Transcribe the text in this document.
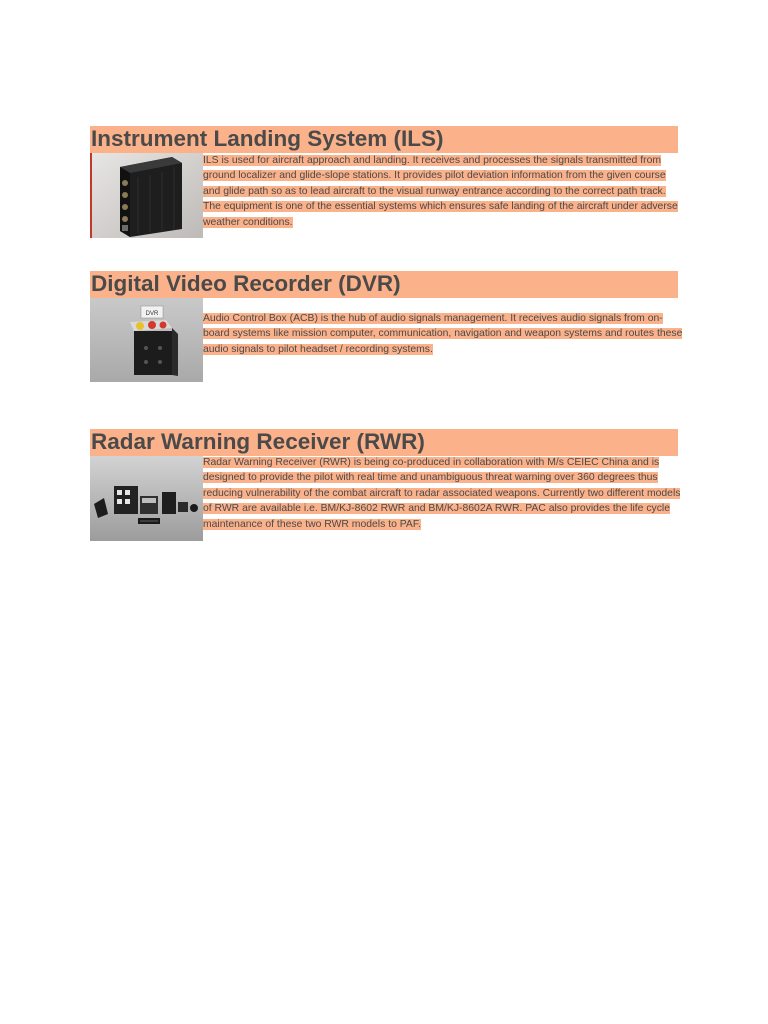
Instrument Landing System (ILS)
ILS is used for aircraft approach and landing. It receives and processes the signals transmitted from ground localizer and glide-slope stations. It provides pilot deviation information from the given course and glide path so as to lead aircraft to the visual runway entrance according to the correct path track. The equipment is one of the essential systems which ensures safe landing of the aircraft under adverse weather conditions.
Digital Video Recorder (DVR)
DVR	Audio Control Box (ACB) is the hub of audio signals management. It receives audio signals from on-board systems like mission computer, communication, navigation and weapon systems and routes these audio signals to pilot headset / recording systems.
Radar Warning Receiver (RWR)
Radar Warning Receiver (RWR) is being co-produced in collaboration with M/s CEIEC China and is designed to provide the pilot with real time and unambiguous threat warning over 360 degrees thus reducing vulnerability of the combat aircraft to radar associated weapons. Currently two different models of RWR are available i.e. BM/KJ-8602 RWR and BM/KJ-8602A RWR. PAC also provides the life cycle maintenance of these two RWR models to PAF.
